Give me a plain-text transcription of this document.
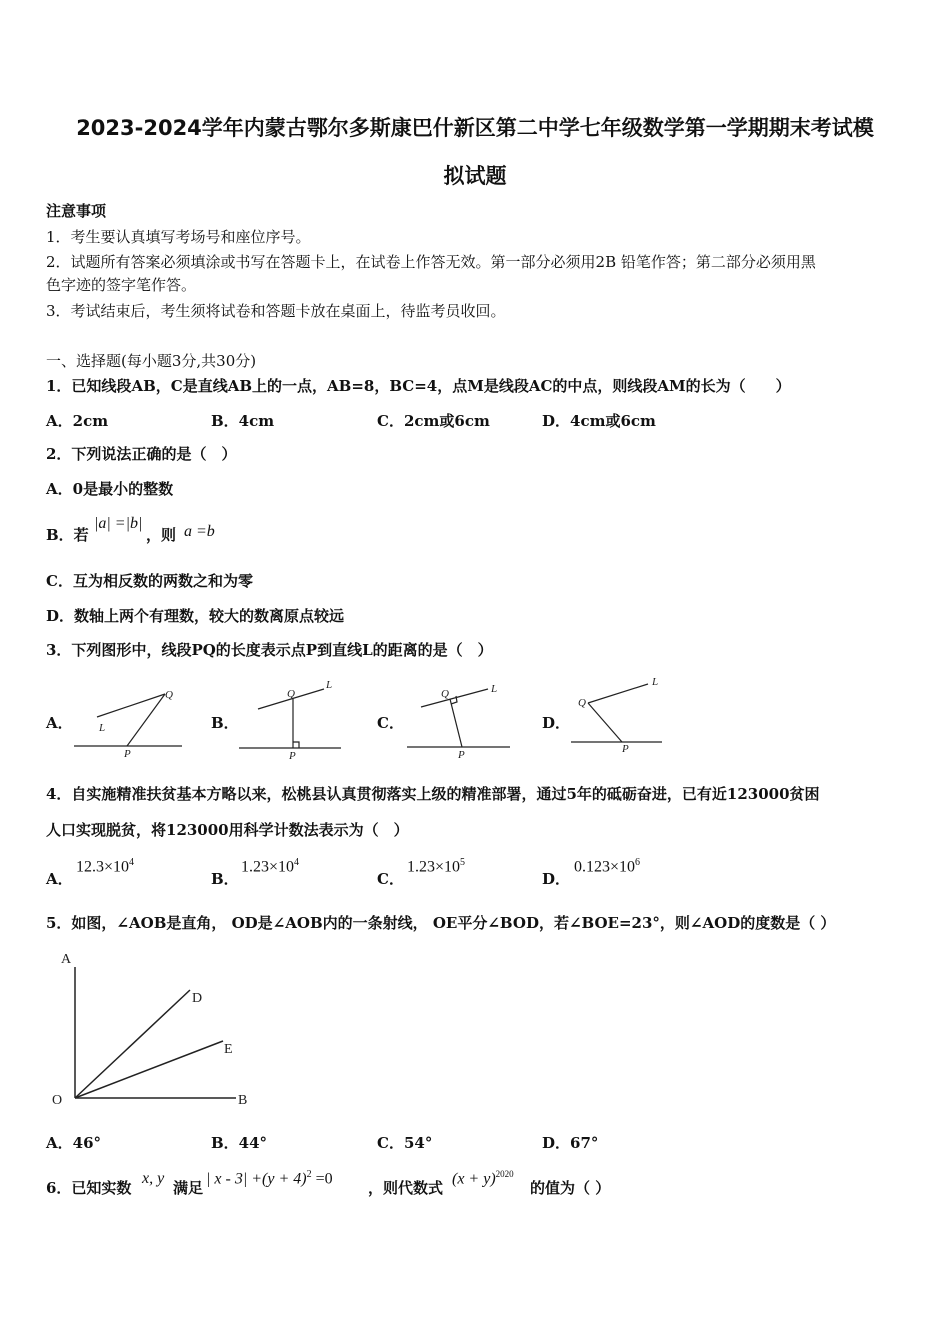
2023-2024学年内蒙古鄂尔多斯康巴什新区第二中学七年级数学第一学期期末考试模
拟试题
注意事项
1．考生要认真填写考场号和座位序号。
2．试题所有答案必须填涂或书写在答题卡上，在试卷上作答无效。第一部分必须用2B 铅笔作答；第二部分必须用黑
色字迹的签字笔作答。
3．考试结束后，考生须将试卷和答题卡放在桌面上，待监考员收回。
一、选择题(每小题3分,共30分)
1．已知线段AB，C是直线AB上的一点，AB=8，BC=4，点M是线段AC的中点，则线段AM的长为（　　）
A．2cm	B．4cm	C．2cm或6cm	D．4cm或6cm
2．下列说法正确的是（　）
A．0是最小的整数
B．若
|a| =|b|
，则 a =b
C．互为相反数的两数之和为零
D．数轴上两个有理数，较大的数离原点较远
3．下列图形中，线段PQ的长度表示点P到直线L的距离的是（　）
A．	B．	C．	D．
Q
L
P
Q
L
P
Q	L
P
Q
L
P
4．自实施精准扶贫基本方略以来，松桃县认真贯彻落实上级的精准部署，通过5年的砥砺奋进，已有近123000贫困
人口实现脱贫，将123000用科学计数法表示为（　）
A．
$12.3\times 10^4$
B．
$1.23\times 10^4$
C．
$1.23\times 10^5$
D．
$0.123\times 10^6$
5．如图，∠AOB是直角， OD是∠AOB内的一条射线， OE平分∠BOD，若∠BOE=23°，则∠AOD的度数是（ ）
A
D
E
O	B
A．46°	B．44°	C．54°	D．67°
6．已知实数
x, y
满足
| $x - 3| +(y + 4)^2 =0$
，则代数式
$(x + y)^{2020}$
的值为（ ）
